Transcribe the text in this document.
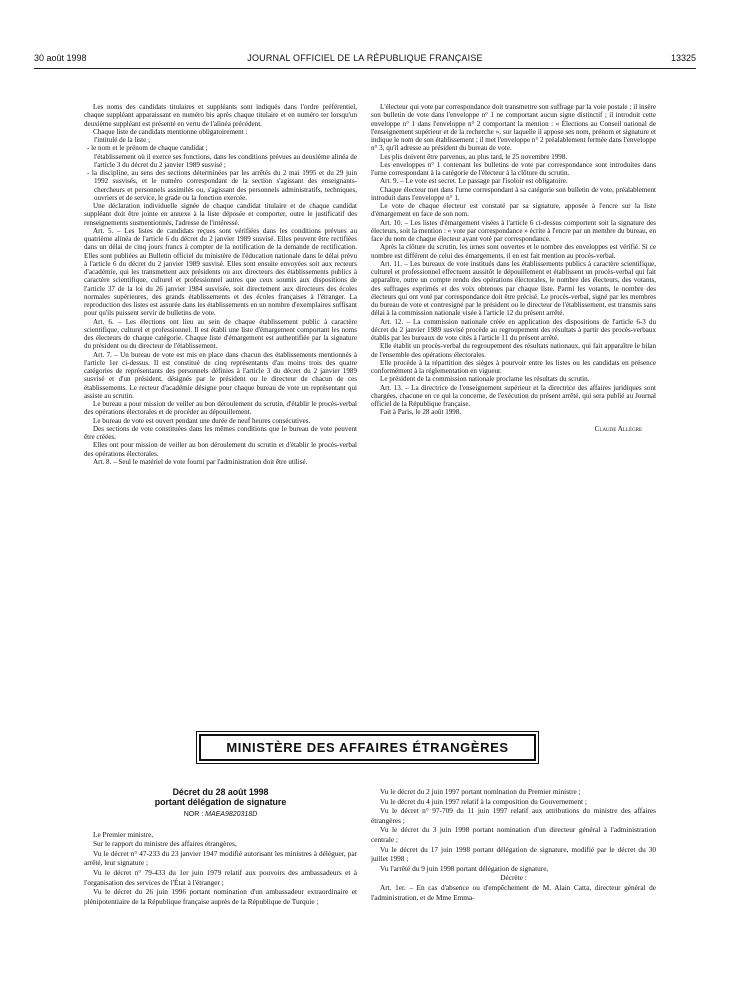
30 août 1998	JOURNAL OFFICIEL DE LA RÉPUBLIQUE FRANÇAISE	13325

Les noms des candidats titulaires et suppléants sont indiqués dans l'ordre préférentiel, chaque suppléant apparaissant en numéro bis après chaque titulaire et en numéro ter lorsqu'un deuxième suppléant est présenté en vertu de l'alinéa précédent.

Chaque liste de candidats mentionne obligatoirement :

l'intitulé de la liste ;

- le nom et le prénom de chaque candidat ;

l'établissement où il exerce ses fonctions, dans les conditions prévues au deuxième alinéa de l'article 3 du décret du 2 janvier 1989 susvisé ;

- la discipline, au sens des sections déterminées par les arrêtés du 2 mai 1995 et du 29 juin 1992 susvisés, et le numéro correspondant de la section s'agissant des enseignants-chercheurs et personnels assimilés ou, s'agissant des personnels administratifs, techniques, ouvriers et de service, le grade ou la fonction exercée.

Une déclaration individuelle signée de chaque candidat titulaire et de chaque candidat suppléant doit être jointe en annexe à la liste déposée et comporter, outre le justificatif des renseignements susmentionnés, l'adresse de l'intéressé.

Art. 5. – Les listes de candidats reçues sont vérifiées dans les conditions prévues au quatrième alinéa de l'article 6 du décret du 2 janvier 1989 susvisé. Elles peuvent être rectifiées dans un délai de cinq jours francs à compter de la notification de la demande de rectification. Elles sont publiées au Bulletin officiel du ministère de l'éducation nationale dans le délai prévu à l'article 6 du décret du 2 janvier 1989 susvisé. Elles sont ensuite envoyées soit aux recteurs d'académie, qui les transmettent aux présidents ou aux directeurs des établissements publics à caractère scientifique, culturel et professionnel autres que ceux soumis aux dispositions de l'article 37 de la loi du 26 janvier 1984 susvisée, soit directement aux directeurs des écoles normales supérieures, des grands établissements et des écoles françaises à l'étranger. La reproduction des listes est assurée dans les établissements en un nombre d'exemplaires suffisant pour qu'ils puissent servir de bulletins de vote.

Art. 6. – Les élections ont lieu au sein de chaque établissement public à caractère scientifique, culturel et professionnel. Il est établi une liste d'émargement comportant les noms des électeurs de chaque catégorie. Chaque liste d'émargement est authentifiée par la signature du président ou du directeur de l'établissement.

Art. 7. – Un bureau de vote est mis en place dans chacun des établissements mentionnés à l'article 1er ci-dessus. Il est constitué de cinq représentants d'au moins trois des quatre catégories de représentants des personnels définies à l'article 3 du décret du 2 janvier 1989 susvisé et d'un président, désignés par le président ou le directeur de chacun de ces établissements. Le recteur d'académie désigne pour chaque bureau de vote un représentant qui assiste au scrutin.

Le bureau a pour mission de veiller au bon déroulement du scrutin, d'établir le procès-verbal des opérations électorales et de procéder au dépouillement.

Le bureau de vote est ouvert pendant une durée de neuf heures consécutives.

Des sections de vote constituées dans les mêmes conditions que le bureau de vote peuvent être créées.

Elles ont pour mission de veiller au bon déroulement du scrutin et d'établir le procès-verbal des opérations électorales.

Art. 8. – Seul le matériel de vote fourni par l'administration doit être utilisé.

L'électeur qui vote par correspondance doit transmettre son suffrage par la voie postale ; il insère son bulletin de vote dans l'enveloppe n° 1 ne comportant aucun signe distinctif ; il introduit cette enveloppe n° 1 dans l'enveloppe n° 2 comportant la mention : « Élections au Conseil national de l'enseignement supérieur et de la recherche », sur laquelle il appose ses nom, prénom et signature et indique le nom de son établissement ; il met l'enveloppe n° 2 préalablement fermée dans l'enveloppe n° 3, qu'il adresse au président du bureau de vote.

Les plis doivent être parvenus, au plus tard, le 25 novembre 1998.

Les enveloppes n° 1 contenant les bulletins de vote par correspondance sont introduites dans l'urne correspondant à la catégorie de l'électeur à la clôture du scrutin.

Art. 9. – Le vote est secret. Le passage par l'isoloir est obligatoire.

Chaque électeur met dans l'urne correspondant à sa catégorie son bulletin de vote, préalablement introduit dans l'enveloppe n° 1.

Le vote de chaque électeur est constaté par sa signature, apposée à l'encre sur la liste d'émargement en face de son nom.

Art. 10. – Les listes d'émargement visées à l'article 6 ci-dessus comportent soit la signature des électeurs, soit la mention : « vote par correspondance » écrite à l'encre par un membre du bureau, en face du nom de chaque électeur ayant voté par correspondance.

Après la clôture du scrutin, les urnes sont ouvertes et le nombre des enveloppes est vérifié. Si ce nombre est différent de celui des émargements, il en est fait mention au procès-verbal.

Art. 11. – Les bureaux de vote institués dans les établissements publics à caractère scientifique, culturel et professionnel effectuent aussitôt le dépouillement et établissent un procès-verbal qui fait apparaître, outre un compte rendu des opérations électorales, le nombre des électeurs, des votants, des suffrages exprimés et des voix obtenues par chaque liste. Parmi les votants, le nombre des électeurs qui ont voté par correspondance doit être précisé. Le procès-verbal, signé par les membres du bureau de vote et contresigné par le président ou le directeur de l'établissement, est transmis sans délai à la commission nationale visée à l'article 12 du présent arrêté.

Art. 12. – La commission nationale créée en application des dispositions de l'article 6-3 du décret du 2 janvier 1989 susvisé procède au regroupement des résultats à partir des procès-verbaux établis par les bureaux de vote cités à l'article 11 du présent arrêté.

Elle établit un procès-verbal du regroupement des résultats nationaux, qui fait apparaître le bilan de l'ensemble des opérations électorales.

Elle procède à la répartition des sièges à pourvoir entre les listes ou les candidats en présence conformément à la réglementation en vigueur.

Le président de la commission nationale proclame les résultats du scrutin.

Art. 13. – La directrice de l'enseignement supérieur et la directrice des affaires juridiques sont chargées, chacune en ce qui la concerne, de l'exécution du présent arrêté, qui sera publié au Journal officiel de la République française.

Fait à Paris, le 28 août 1998.

Claude Allègre

MINISTÈRE DES AFFAIRES ÉTRANGÈRES
Décret du 28 août 1998
portant délégation de signature
NOR : MAEA9820318D

Le Premier ministre,

Sur le rapport du ministre des affaires étrangères,

Vu le décret n° 47-233 du 23 janvier 1947 modifié autorisant les ministres à déléguer, par arrêté, leur signature ;

Vu le décret n° 79-433 du 1er juin 1979 relatif aux pouvoirs des ambassadeurs et à l'organisation des services de l'État à l'étranger ;

Vu le décret du 26 juin 1996 portant nomination d'un ambassadeur extraordinaire et plénipotentiaire de la République française auprès de la République de Turquie ;

Vu le décret du 2 juin 1997 portant nomination du Premier ministre ;

Vu le décret du 4 juin 1997 relatif à la composition du Gouvernement ;

Vu le décret n° 97-709 du 11 juin 1997 relatif aux attributions du ministre des affaires étrangères ;

Vu le décret du 3 juin 1998 portant nomination d'un directeur général à l'administration centrale ;

Vu le décret du 17 juin 1998 portant délégation de signature, modifié par le décret du 30 juillet 1998 ;

Vu l'arrêté du 9 juin 1998 portant délégation de signature,

Décrète :

Art. 1er. – En cas d'absence ou d'empêchement de M. Alain Catta, directeur général de l'administration, et de Mme Emma-
